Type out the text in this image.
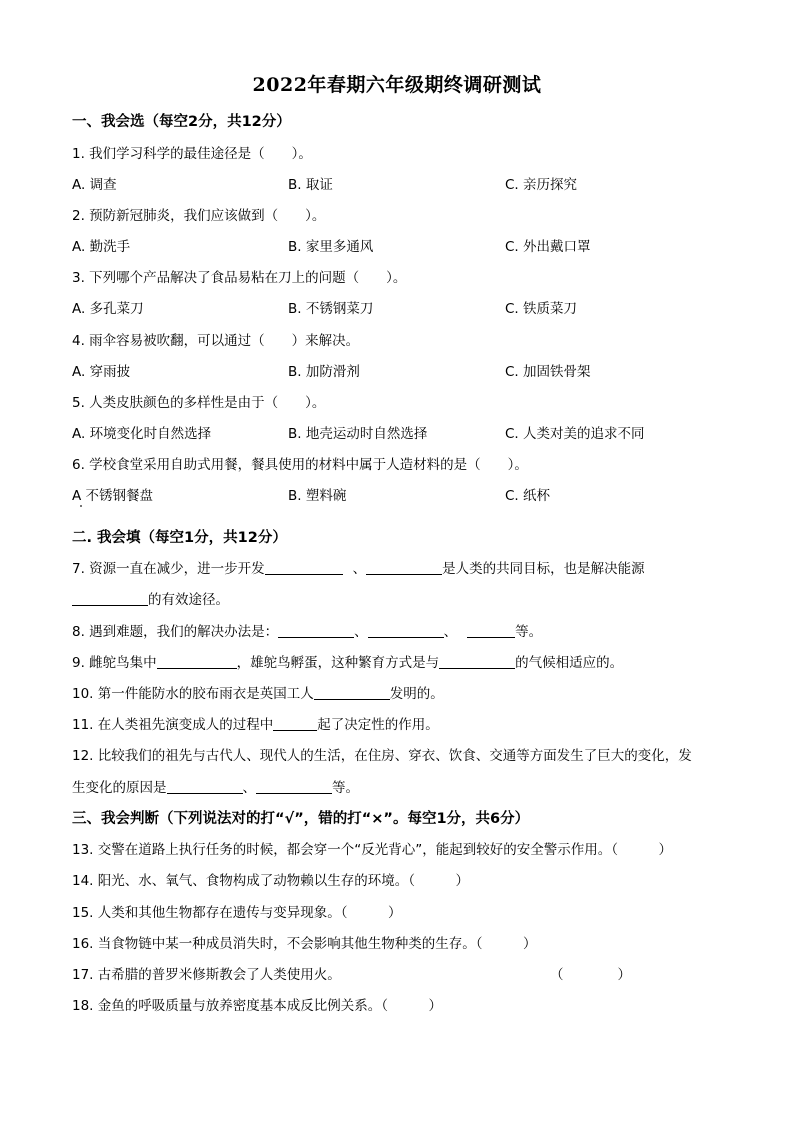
2022年春期六年级期终调研测试
一、我会选（每空2分，共12分）
1. 我们学习科学的最佳途径是（　　）。
A. 调查	B. 取证	C. 亲历探究
2. 预防新冠肺炎，我们应该做到（　　）。
A. 勤洗手	B. 家里多通风	C. 外出戴口罩
3. 下列哪个产品解决了食品易粘在刀上的问题（　　）。
A. 多孔菜刀	B. 不锈钢菜刀	C. 铁质菜刀
4. 雨伞容易被吹翻，可以通过（　　）来解决。
A. 穿雨披	B. 加防滑剂	C. 加固铁骨架
5. 人类皮肤颜色的多样性是由于（　　）。
A. 环境变化时自然选择	B. 地壳运动时自然选择	C. 人类对美的追求不同
6. 学校食堂采用自助式用餐，餐具使用的材料中属于人造材料的是（　　）。
A 不锈钢餐盘	B. 塑料碗	C. 纸杯
二. 我会填（每空1分，共12分）
7. 资源一直在减少，进一步开发	、	是人类的共同目标，也是解决能源
的有效途径。
8. 遇到难题，我们的解决办法是：	、	、	等。
9. 雌鸵鸟集中	，雄鸵鸟孵蛋，这种繁育方式是与	的气候相适应的。
10. 第一件能防水的胶布雨衣是英国工人	发明的。
11. 在人类祖先演变成人的过程中	起了决定性的作用。
12. 比较我们的祖先与古代人、现代人的生活，在住房、穿衣、饮食、交通等方面发生了巨大的变化，发
生变化的原因是	、	等。
三、我会判断（下列说法对的打“√”，错的打“×”。每空1分，共6分）
13. 交警在道路上执行任务的时候，都会穿一个“反光背心”，能起到较好的安全警示作用。（　　　）
14. 阳光、水、氧气、食物构成了动物赖以生存的环境。（　　　）
15. 人类和其他生物都存在遗传与变异现象。（　　　）
16. 当食物链中某一种成员消失时，不会影响其他生物种类的生存。（　　　）
17. 古希腊的普罗米修斯教会了人类使用火。	（　　　　）
18. 金鱼的呼吸质量与放养密度基本成反比例关系。（　　　）
